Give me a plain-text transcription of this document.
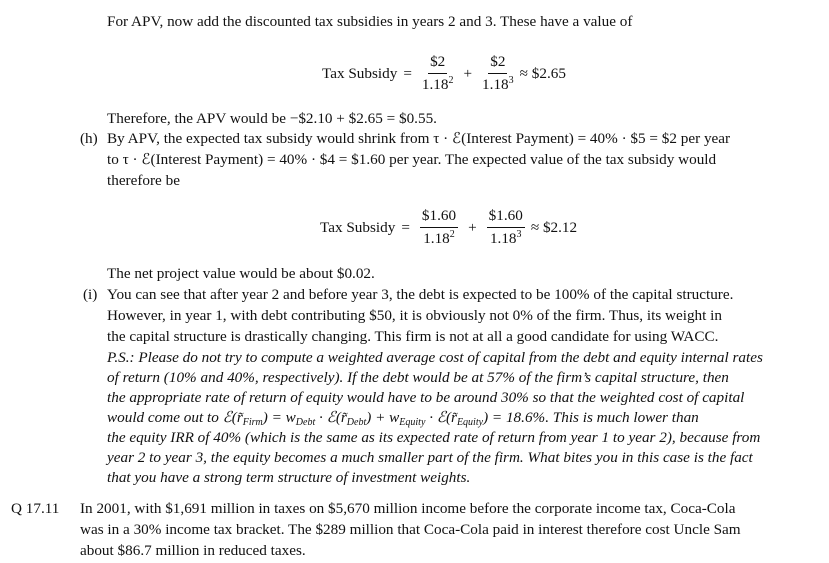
For APV, now add the discounted tax subsidies in years 2 and 3. These have a value of
Tax Subsidy = $\frac{\$2}{1.18^2} + \frac{\$2}{1.18^3}$ ≈ $2.65
Therefore, the APV would be −$2.10 + $2.65 = $0.55.
(h) By APV, the expected tax subsidy would shrink from τ · ℰ(Interest Payment) = 40% · $5 = $2 per year
to τ · ℰ(Interest Payment) = 40% · $4 = $1.60 per year. The expected value of the tax subsidy would
therefore be
Tax Subsidy = $\frac{\$1.60}{1.18^2} + \frac{\$1.60}{1.18^3}$ ≈ $2.12
The net project value would be about $0.02.
(i) You can see that after year 2 and before year 3, the debt is expected to be 100% of the capital structure.
However, in year 1, with debt contributing $50, it is obviously not 0% of the firm. Thus, its weight in
the capital structure is drastically changing. This firm is not at all a good candidate for using WACC.
P.S.: Please do not try to compute a weighted average cost of capital from the debt and equity internal rates
of return (10% and 40%, respectively). If the debt would be at 57% of the firm’s capital structure, then
the appropriate rate of return of equity would have to be around 30% so that the weighted cost of capital
would come out to $ℰ(r̃_{Firm}) = w_{Debt}$ · $ℰ(r̃_{Debt}) + w_{Equity}$ · $ℰ(r̃_{Equity}) = 18.6\%$. This is much lower than
the equity IRR of 40% (which is the same as its expected rate of return from year 1 to year 2), because from
year 2 to year 3, the equity becomes a much smaller part of the firm. What bites you in this case is the fact
that you have a strong term structure of investment weights.
Q 17.11 In 2001, with $1,691 million in taxes on $5,670 million income before the corporate income tax, Coca-Cola
was in a 30% income tax bracket. The $289 million that Coca-Cola paid in interest therefore cost Uncle Sam
about $86.7 million in reduced taxes.
